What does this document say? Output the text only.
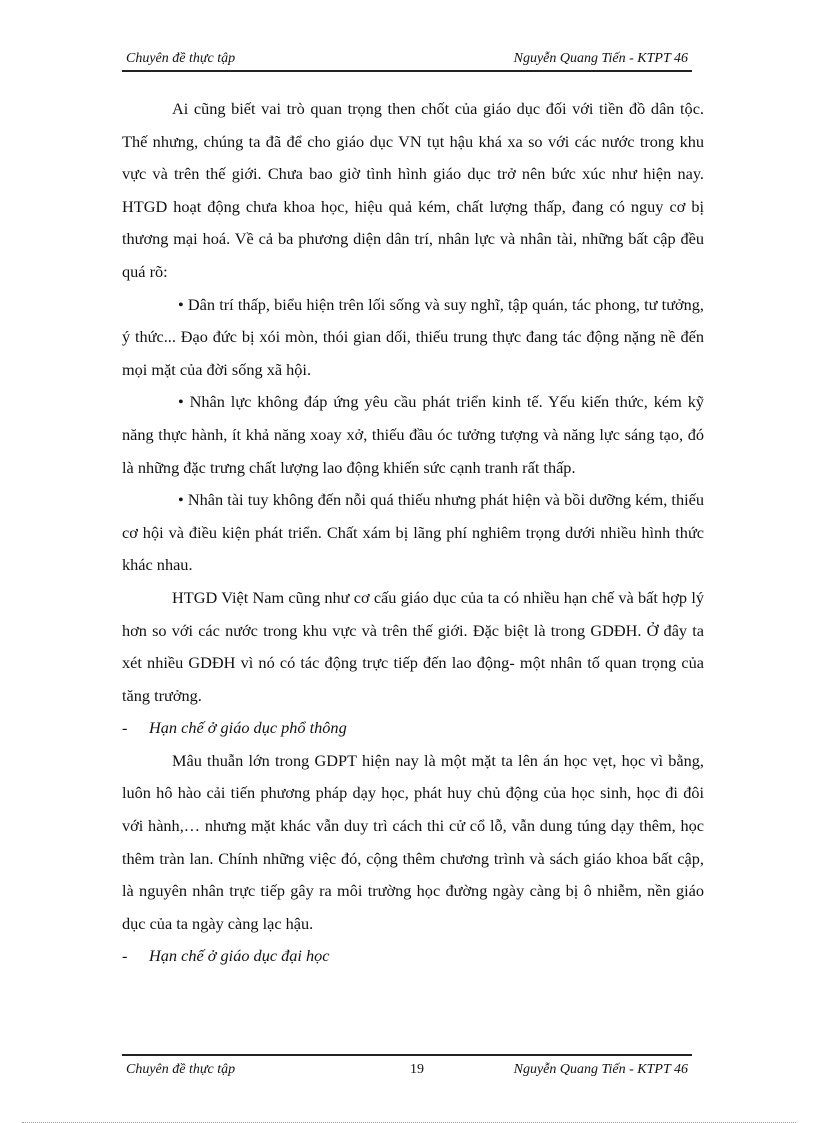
Chuyên đề thực tập	Nguyễn Quang Tiến - KTPT 46

Ai cũng biết vai trò quan trọng then chốt của giáo dục đối với tiền đồ dân tộc. Thế nhưng, chúng ta đã để cho giáo dục VN tụt hậu khá xa so với các nước trong khu vực và trên thế giới. Chưa bao giờ tình hình giáo dục trở nên bức xúc như hiện nay. HTGD hoạt động chưa khoa học, hiệu quả kém, chất lượng thấp, đang có nguy cơ bị thương mại hoá. Về cả ba phương diện dân trí, nhân lực và nhân tài, những bất cập đều quá rõ:

• Dân trí thấp, biểu hiện trên lối sống và suy nghĩ, tập quán, tác phong, tư tưởng, ý thức... Đạo đức bị xói mòn, thói gian dối, thiếu trung thực đang tác động nặng nề đến mọi mặt của đời sống xã hội.

• Nhân lực không đáp ứng yêu cầu phát triển kinh tế. Yếu kiến thức, kém kỹ năng thực hành, ít khả năng xoay xở, thiếu đầu óc tưởng tượng và năng lực sáng tạo, đó là những đặc trưng chất lượng lao động khiến sức cạnh tranh rất thấp.

• Nhân tài tuy không đến nỗi quá thiếu nhưng phát hiện và bồi dưỡng kém, thiếu cơ hội và điều kiện phát triển. Chất xám bị lãng phí nghiêm trọng dưới nhiều hình thức khác nhau.

HTGD Việt Nam cũng như cơ cấu giáo dục của ta có nhiều hạn chế và bất hợp lý hơn so với các nước trong khu vực và trên thế giới. Đặc biệt là trong GDĐH. Ở đây ta xét nhiều GDĐH vì nó có tác động trực tiếp đến lao động- một nhân tố quan trọng của tăng trưởng.

- Hạn chế ở giáo dục phổ thông

Mâu thuẫn lớn trong GDPT hiện nay là một mặt ta lên án học vẹt, học vì bằng, luôn hô hào cải tiến phương pháp dạy học, phát huy chủ động của học sinh, học đi đôi với hành,… nhưng mặt khác vẫn duy trì cách thi cử cổ lỗ, vẫn dung túng dạy thêm, học thêm tràn lan. Chính những việc đó, cộng thêm chương trình và sách giáo khoa bất cập, là nguyên nhân trực tiếp gây ra môi trường học đường ngày càng bị ô nhiễm, nền giáo dục của ta ngày càng lạc hậu.

- Hạn chế ở giáo dục đại học

Chuyên đề thực tập	19	Nguyễn Quang Tiến - KTPT 46
